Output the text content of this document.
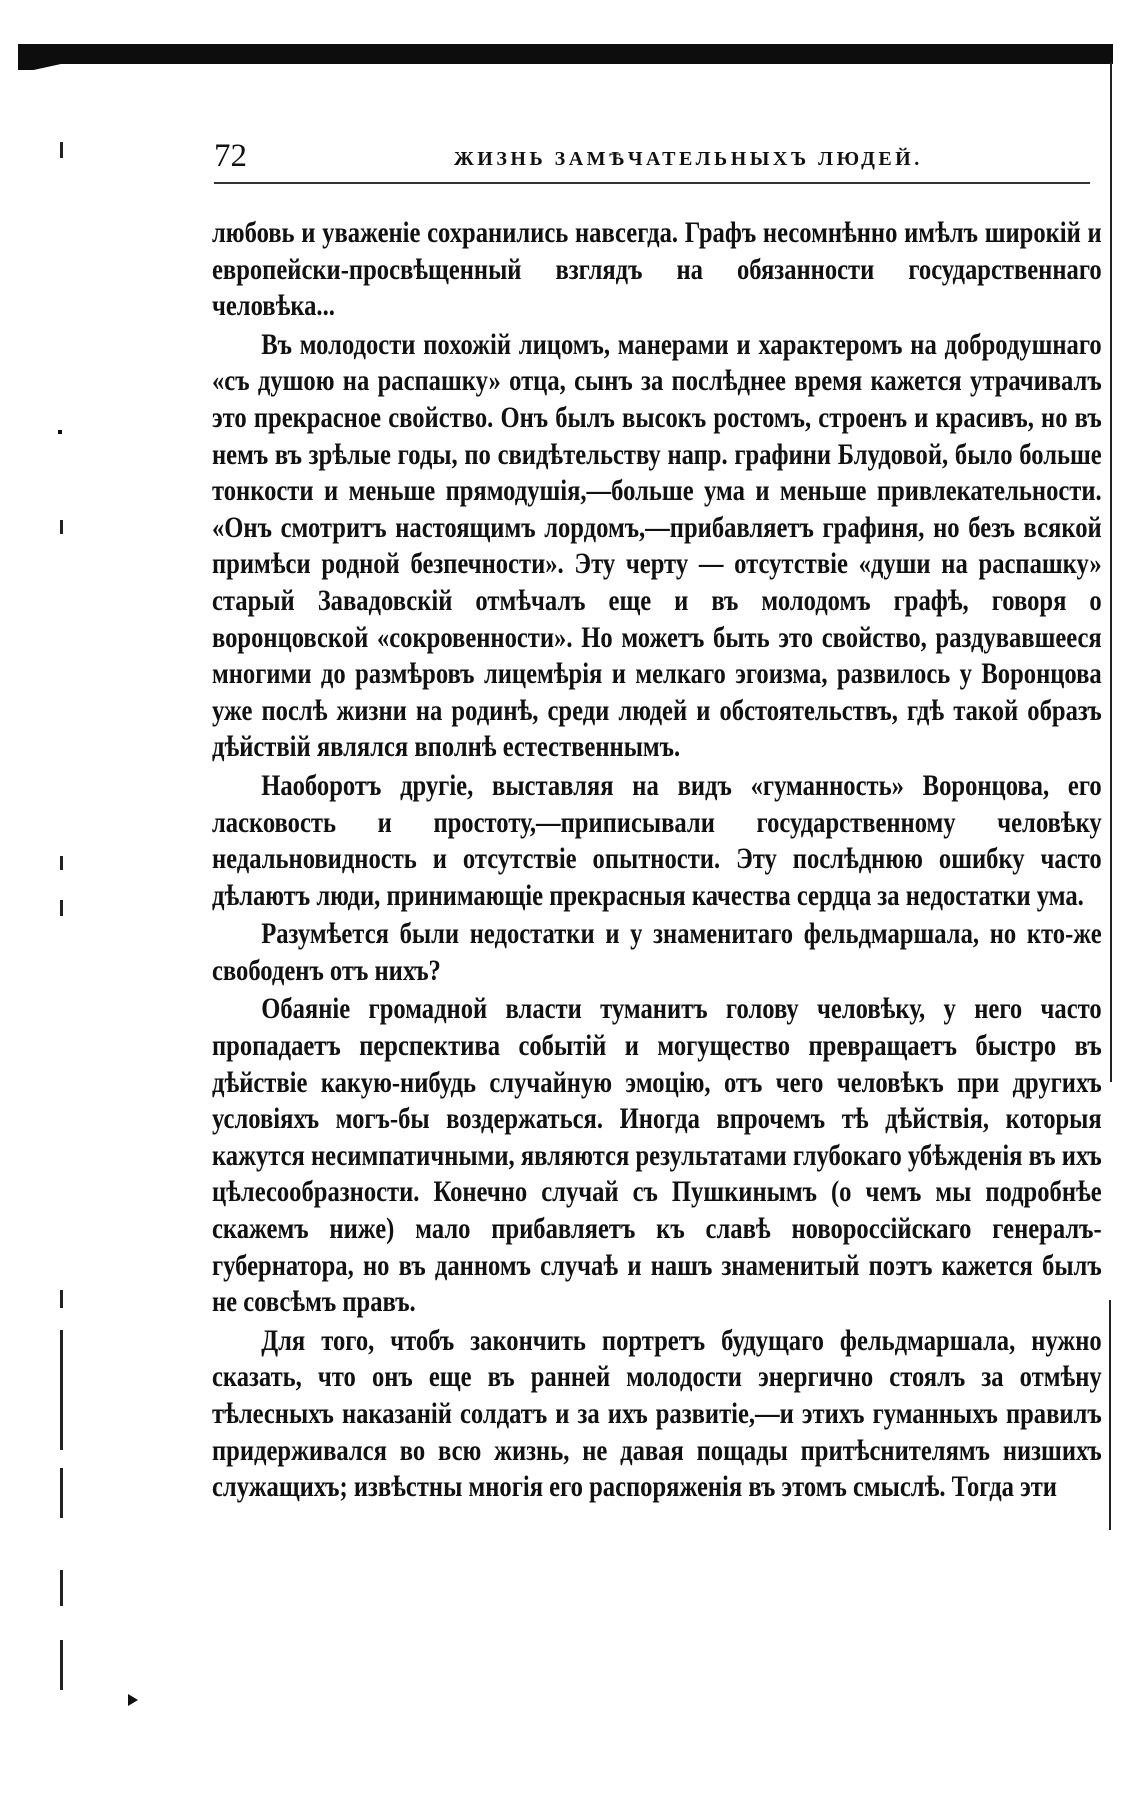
72	ЖИЗНЬ ЗАМѢЧАТЕЛЬНЫХЪ ЛЮДЕЙ.

любовь и уваженіе сохранились навсегда. Графъ несомнѣнно имѣлъ широкій и европейски-просвѣщенный взглядъ на обязанности государственнаго человѣка...

Въ молодости похожій лицомъ, манерами и характеромъ на добродушнаго «съ душою на распашку» отца, сынъ за послѣднее время кажется утрачивалъ это прекрасное свойство. Онъ былъ высокъ ростомъ, строенъ и красивъ, но въ немъ въ зрѣлые годы, по свидѣтельству напр. графини Блудовой, было больше тонкости и меньше прямодушія,—больше ума и меньше привлекательности. «Онъ смотритъ настоящимъ лордомъ,—прибавляетъ графиня, но безъ всякой примѣси родной безпечности». Эту черту — отсутствіе «души на распашку» старый Завадовскій отмѣчалъ еще и въ молодомъ графѣ, говоря о воронцовской «сокровенности». Но можетъ быть это свойство, раздувавшееся многими до размѣровъ лицемѣрія и мелкаго эгоизма, развилось у Воронцова уже послѣ жизни на родинѣ, среди людей и обстоятельствъ, гдѣ такой образъ дѣйствій являлся вполнѣ естественнымъ.

Наоборотъ другіе, выставляя на видъ «гуманность» Воронцова, его ласковость и простоту,—приписывали государственному человѣку недальновидность и отсутствіе опытности. Эту послѣднюю ошибку часто дѣлаютъ люди, принимающіе прекрасныя качества сердца за недостатки ума.

Разумѣется были недостатки и у знаменитаго фельдмаршала, но кто-же свободенъ отъ нихъ?

Обаяніе громадной власти туманитъ голову человѣку, у него часто пропадаетъ перспектива событій и могущество превращаетъ быстро въ дѣйствіе какую-нибудь случайную эмоцію, отъ чего человѣкъ при другихъ условіяхъ могъ-бы воздержаться. Иногда впрочемъ тѣ дѣйствія, которыя кажутся несимпатичными, являются результатами глубокаго убѣжденія въ ихъ цѣлесообразности. Конечно случай съ Пушкинымъ (о чемъ мы подробнѣе скажемъ ниже) мало прибавляетъ къ славѣ новороссійскаго генералъ-губернатора, но въ данномъ случаѣ и нашъ знаменитый поэтъ кажется былъ не совсѣмъ правъ.

Для того, чтобъ закончить портретъ будущаго фельдмаршала, нужно сказать, что онъ еще въ ранней молодости энергично стоялъ за отмѣну тѣлесныхъ наказаній солдатъ и за ихъ развитіе,—и этихъ гуманныхъ правилъ придерживался во всю жизнь, не давая пощады притѣснителямъ низшихъ служащихъ; извѣстны многія его распоряженія въ этомъ смыслѣ. Тогда эти
